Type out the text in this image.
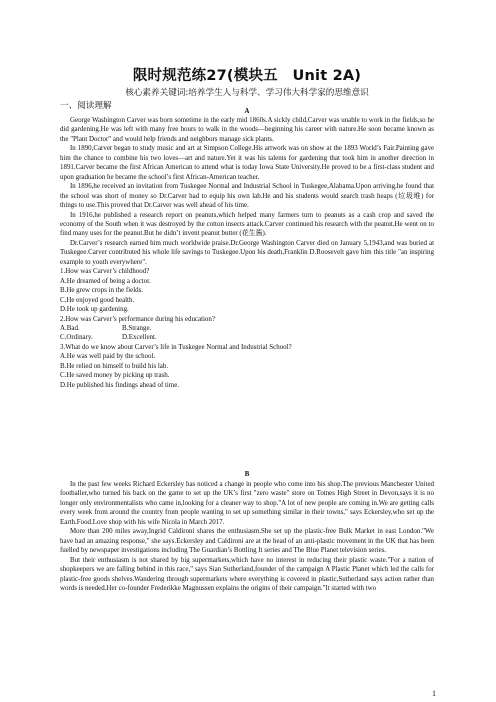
限时规范练27(模块五　Unit 2A)
核心素养关键词:培养学生人与科学、学习伟大科学家的思维意识
一、阅读理解
A

George Washington Carver was born sometime in the early mid 1860s.A sickly child,Carver was unable to work in the fields,so he did gardening.He was left with many free hours to walk in the woods—beginning his career with nature.He soon became known as the "Plant Doctor" and would help friends and neighbors manage sick plants.

In 1890,Carver began to study music and art at Simpson College.His artwork was on show at the 1893 World’s Fair.Painting gave him the chance to combine his two loves—art and nature.Yet it was his talents for gardening that took him in another direction in 1891.Carver became the first African American to attend what is today Iowa State University.He proved to be a first-class student and upon graduation he became the school’s first African-American teacher.

In 1896,he received an invitation from Tuskegee Normal and Industrial School in Tuskegee,Alabama.Upon arriving,he found that the school was short of money so Dr.Carver had to equip his own lab.He and his students would search trash heaps (垃圾堆) for things to use.This proved that Dr.Carver was well ahead of his time.

In 1916,he published a research report on peanuts,which helped many farmers turn to peanuts as a cash crop and saved the economy of the South when it was destroyed by the cotton insects attack.Carver continued his research with the peanut.He went on to find many uses for the peanut.But he didn’t invent peanut butter (花生酱).

Dr.Carver’s research earned him much worldwide praise.Dr.George Washington Carver died on January 5,1943,and was buried at Tuskegee.Carver contributed his whole life savings to Tuskegee.Upon his death,Franklin D.Roosevelt gave him this title "an inspiring example to youth everywhere".

1.How was Carver’s childhood?

A.He dreamed of being a doctor.

B.He grew crops in the fields.

C.He enjoyed good health.

D.He took up gardening.

2.How was Carver’s performance during his education?

A.Bad.	B.Strange.
C.Ordinary.	D.Excellent.

3.What do we know about Carver’s life in Tuskegee Normal and Industrial School?

A.He was well paid by the school.

B.He relied on himself to build his lab.

C.He saved money by picking up trash.

D.He published his findings ahead of time.

B

In the past few weeks Richard Eckersley has noticed a change in people who come into his shop.The previous Manchester United footballer,who turned his back on the game to set up the UK’s first "zero waste" store on Totnes High Street in Devon,says it is no longer only environmentalists who came in,looking for a cleaner way to shop."A lot of new people are coming in.We are getting calls every week from around the country from people wanting to set up something similar in their towns," says Eckersley,who set up the Earth.Food.Love shop with his wife Nicola in March 2017.

More than 200 miles away,Ingrid Caldironi shares the enthusiasm.She set up the plastic-free Bulk Market in east London."We have had an amazing response," she says.Eckersley and Caldironi are at the head of an anti-plastic movement in the UK that has been fuelled by newspaper investigations including The Guardian’s Bottling It series and The Blue Planet television series.

But their enthusiasm is not shared by big supermarkets,which have no interest in reducing their plastic waste."For a nation of shopkeepers we are falling behind in this race," says Sian Sutherland,founder of the campaign A Plastic Planet which led the calls for plastic-free goods shelves.Wandering through supermarkets where everything is covered in plastic,Sutherland says action rather than words is needed.Her co-founder Frederikke Magnussen explains the origins of their campaign."It started with two

1
